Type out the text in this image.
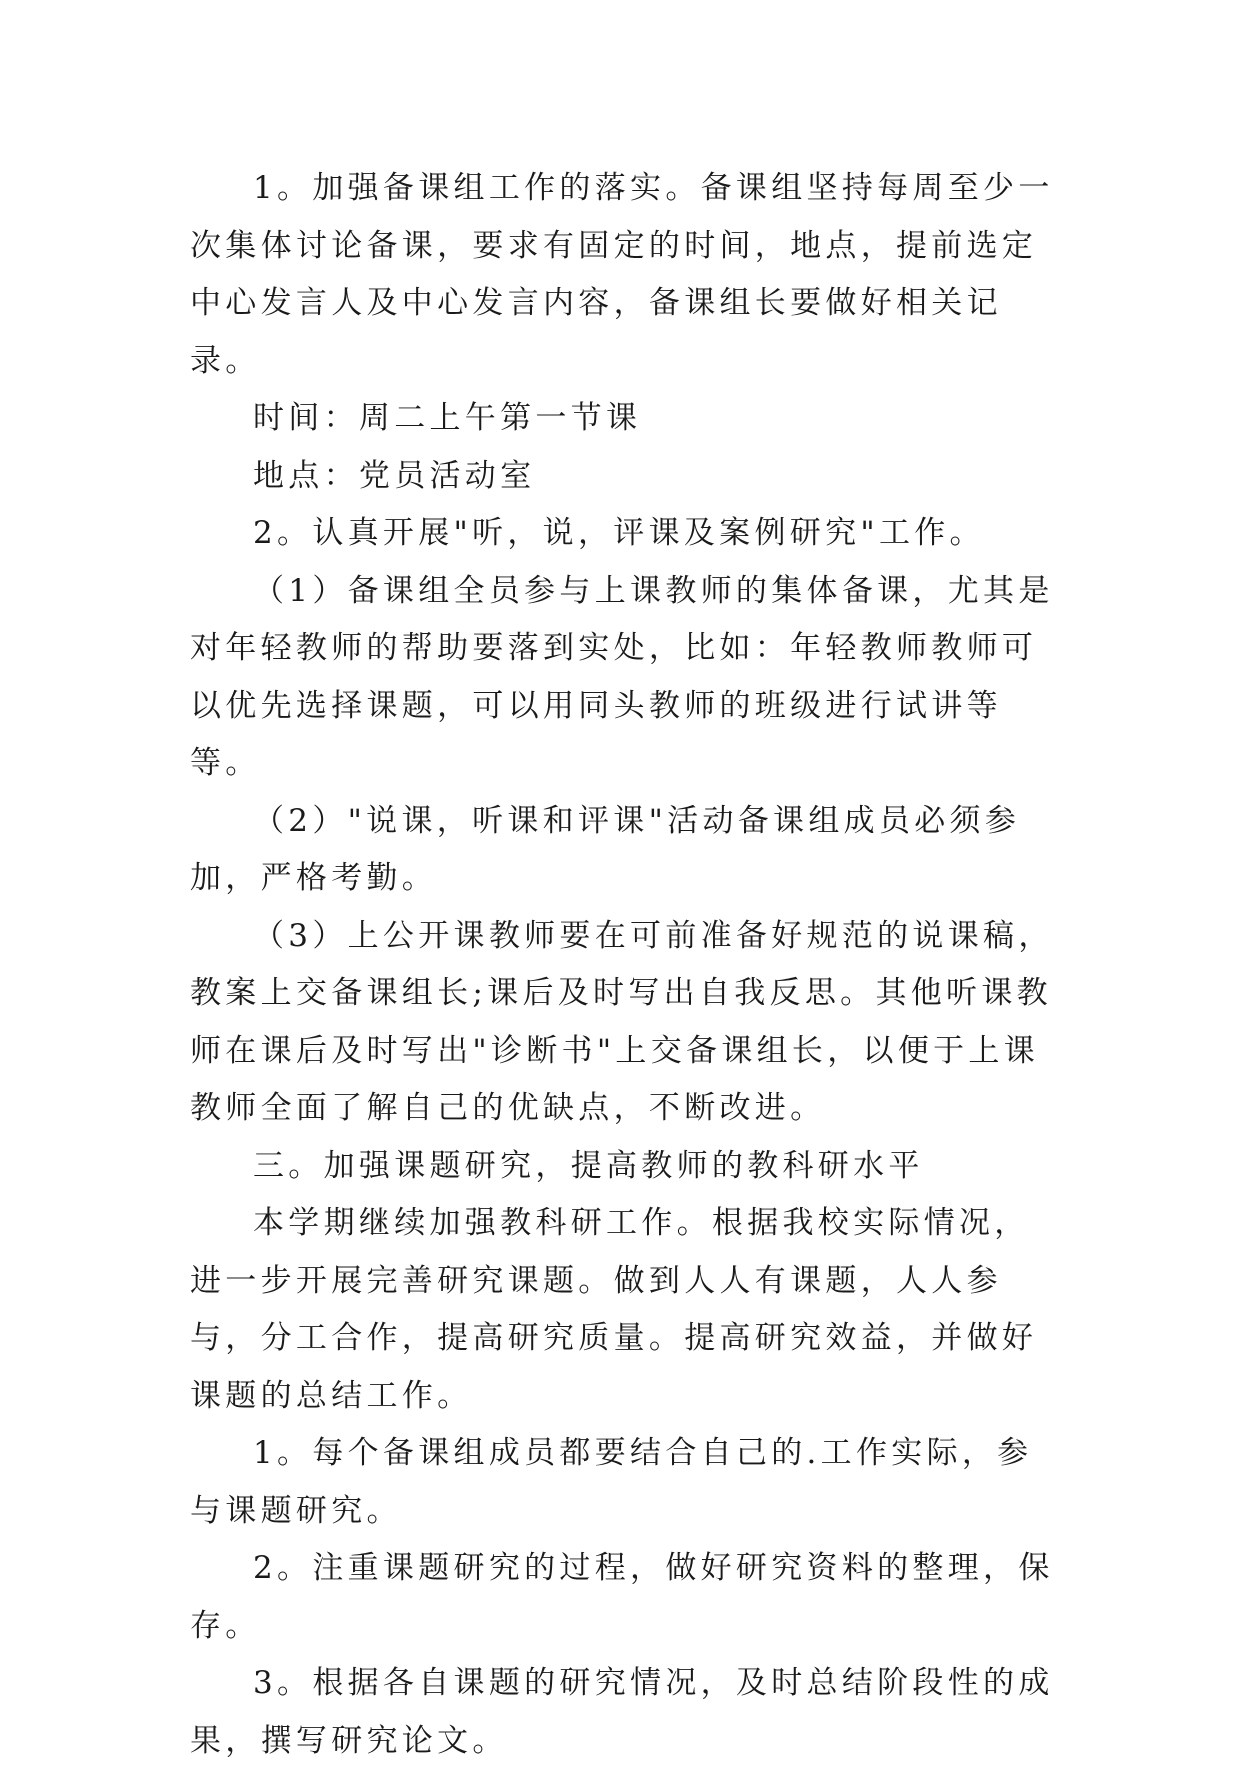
1。加强备课组工作的落实。备课组坚持每周至少一次集体讨论备课，要求有固定的时间，地点，提前选定中心发言人及中心发言内容，备课组长要做好相关记录。

时间：周二上午第一节课

地点：党员活动室

2。认真开展"听，说，评课及案例研究"工作。

（1）备课组全员参与上课教师的集体备课，尤其是对年轻教师的帮助要落到实处，比如：年轻教师教师可以优先选择课题，可以用同头教师的班级进行试讲等等。

（2）"说课，听课和评课"活动备课组成员必须参加，严格考勤。

（3）上公开课教师要在可前准备好规范的说课稿，教案上交备课组长;课后及时写出自我反思。其他听课教师在课后及时写出"诊断书"上交备课组长，以便于上课教师全面了解自己的优缺点，不断改进。

三。加强课题研究，提高教师的教科研水平

本学期继续加强教科研工作。根据我校实际情况，进一步开展完善研究课题。做到人人有课题，人人参与，分工合作，提高研究质量。提高研究效益，并做好课题的总结工作。

1。每个备课组成员都要结合自己的.工作实际，参与课题研究。

2。注重课题研究的过程，做好研究资料的整理，保存。

3。根据各自课题的研究情况，及时总结阶段性的成果，撰写研究论文。
